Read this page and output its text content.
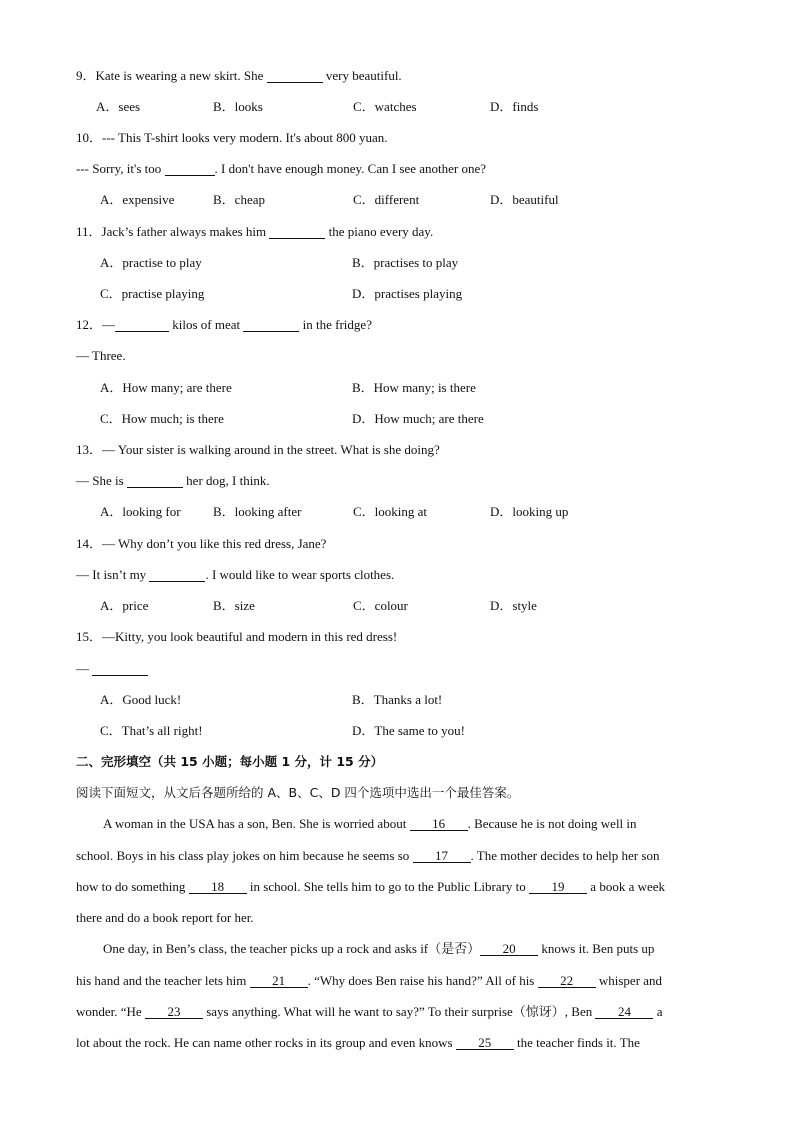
9．Kate is wearing a new skirt. She	very beautiful.
A．sees	B．looks	C．watches	D．finds
10．--- This T-shirt looks very modern. It's about 800 yuan.
--- Sorry, it's too	. I don't have enough money. Can I see another one?
A．expensive	B．cheap	C．different	D．beautiful
11．Jack’s father always makes him	the piano every day.
A．practise to play	B．practises to play
C．practise playing	D．practises playing
12．—	kilos of meat	in the fridge?
— Three.
A．How many; are there	B．How many; is there
C．How much; is there	D．How much; are there
13．— Your sister is walking around in the street. What is she doing?
— She is	her dog, I think.
A．looking for B．looking after	C．looking at	D．looking up
14．— Why don’t you like this red dress, Jane?
— It isn’t my	. I would like to wear sports clothes.
A．price	B．size	C．colour	D．style
15．—Kitty, you look beautiful and modern in this red dress!
—
A．Good luck!	B．Thanks a lot!
C．That’s all right!	D．The same to you!
二、完形填空（共 15 小题；每小题 1 分，计 15 分）
阅读下面短文，从文后各题所给的 A、B、C、D 四个选项中选出一个最佳答案。
A woman in the USA has a son, Ben. She is worried about 16 . Because he is not doing well in
school. Boys in his class play jokes on him because he seems so 17 . The mother decides to help her son
how to do something 18 in school. She tells him to go to the Public Library to 19 a book a week
there and do a book report for her.
One day, in Ben’s class, the teacher picks up a rock and asks if（是否） 20 knows it. Ben puts up
his hand and the teacher lets him 21 . “Why does Ben raise his hand?” All of his 22 whisper and
wonder. “He 23 says anything. What will he want to say?” To their surprise（惊讶）, Ben 24 a
lot about the rock. He can name other rocks in its group and even knows 25 the teacher finds it. The
